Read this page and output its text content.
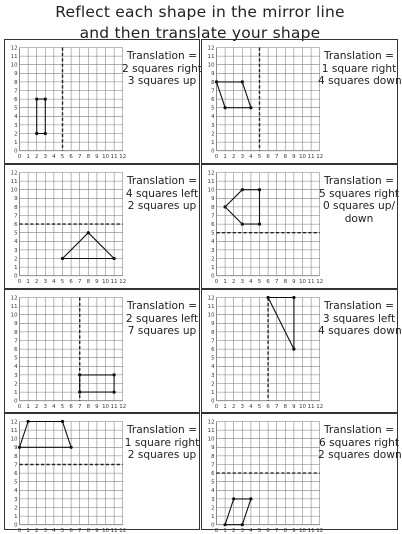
Reflect each shape in the mirror line
and then translate your shape
0
0
1
1
2
2
3
3
4
4
5
5
6
6
7
7
8
8
9
9
10
10
11
11
12
12
Translation =
2 squares right
3 squares up
0
0
1
1
2
2
3
3
4
4
5
5
6
6
7
7
8
8
9
9
10
10
11
11
12
12
Translation =
1 square right
4 squares down
0
0
1
1
2
2
3
3
4
4
5
5
6
6
7
7
8
8
9
9
10
10
11
11
12
12
Translation =
4 squares left
2 squares up
0
0
1
1
2
2
3
3
4
4
5
5
6
6
7
7
8
8
9
9
10
10
11
11
12
12
Translation =
5 squares right
0 squares up/
down
0
0
1
1
2
2
3
3
4
4
5
5
6
6
7
7
8
8
9
9
10
10
11
11
12
12
Translation =
2 squares left
7 squares up
0
0
1
1
2
2
3
3
4
4
5
5
6
6
7
7
8
8
9
9
10
10
11
11
12
12
Translation =
3 squares left
4 squares down
0
0
1
1
2
2
3
3
4
4
5
5
6
6
7
7
8
8
9
9
10
10
11
11
12
12
Translation =
1 square right
2 squares up
0
0
1
1
2
2
3
3
4
4
5
5
6
6
7
7
8
8
9
9
10
10
11
11
12
12
Translation =
6 squares right
2 squares down
